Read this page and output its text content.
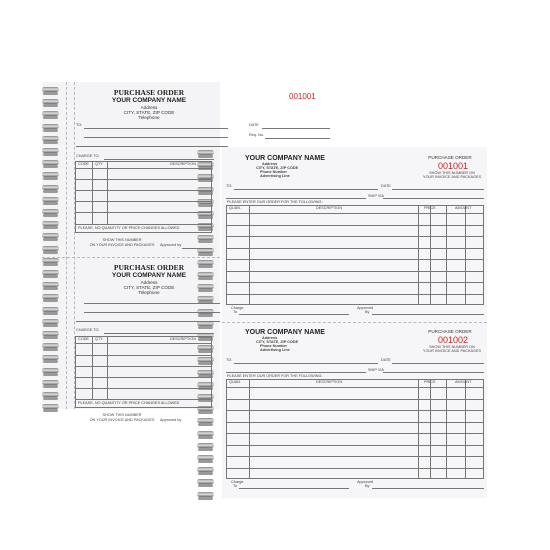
PURCHASE ORDER
YOUR COMPANY NAME
Address
CITY, STATE, ZIP CODE
Telephone
001001
TO:	DATE
Req. No.
CHARGE TO:
CODE QTY.	DESCRIPTION
PLEASE, NO QUANTITY OR PRICE CHANGES ALLOWED
SHOW THIS NUMBER
ON YOUR INVOICE AND PACKAGES Approved by
PURCHASE ORDER
YOUR COMPANY NAME
Address
CITY, STATE, ZIP CODE
Telephone
CHARGE TO:
CODE QTY.	DESCRIPTION
PLEASE, NO QUANTITY OR PRICE CHANGES ALLOWED
SHOW THIS NUMBER
ON YOUR INVOICE AND PACKAGES Approved by
YOUR COMPANY NAME
Address
CITY, STATE, ZIP CODE
Phone Number
Advertising Line
PURCHASE ORDER
001001
SHOW THIS NUMBER ON
YOUR INVOICE AND PACKAGES
TO:	DATE
SHIP VIA
PLEASE ENTER OUR ORDER FOR THE FOLLOWING:
QUAN.	DESCRIPTION	PRICE	AMOUNT
Charge
To
Approved
By
YOUR COMPANY NAME
Address
CITY, STATE, ZIP CODE
Phone Number
Advertising Line
PURCHASE ORDER
001002
SHOW THIS NUMBER ON
YOUR INVOICE AND PACKAGES
TO:	DATE
SHIP VIA
PLEASE ENTER OUR ORDER FOR THE FOLLOWING:
QUAN.	DESCRIPTION	PRICE	AMOUNT
Charge
To
Approved
By
